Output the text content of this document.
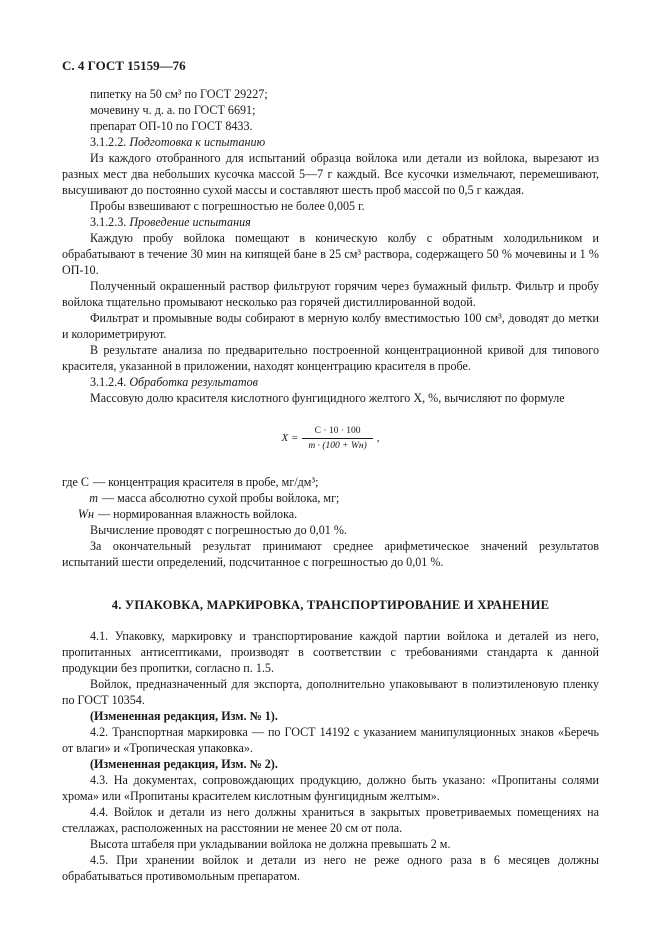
С. 4 ГОСТ 15159—76

пипетку на 50 см³ по ГОСТ 29227;

мочевину ч. д. а. по ГОСТ 6691;

препарат ОП-10 по ГОСТ 8433.

3.1.2.2. Подготовка к испытанию

Из каждого отобранного для испытаний образца войлока или детали из войлока, вырезают из разных мест два небольших кусочка массой 5—7 г каждый. Все кусочки измельчают, перемешивают, высушивают до постоянно сухой массы и составляют шесть проб массой по 0,5 г каждая.

Пробы взвешивают с погрешностью не более 0,005 г.

3.1.2.3. Проведение испытания

Каждую пробу войлока помещают в коническую колбу с обратным холодильником и обрабатывают в течение 30 мин на кипящей бане в 25 см³ раствора, содержащего 50 % мочевины и 1 % ОП-10.

Полученный окрашенный раствор фильтруют горячим через бумажный фильтр. Фильтр и пробу войлока тщательно промывают несколько раз горячей дистиллированной водой.

Фильтрат и промывные воды собирают в мерную колбу вместимостью 100 см³, доводят до метки и колориметрируют.

В результате анализа по предварительно построенной концентрационной кривой для типового красителя, указанной в приложении, находят концентрацию красителя в пробе.

3.1.2.4. Обработка результатов

Массовую долю красителя кислотного фунгицидного желтого X, %, вычисляют по формуле

$X = \frac{C \cdot 10 \cdot 100}{m \cdot (100 + Wн)}$ ,
где C — концентрация красителя в пробе, мг/дм³;
m — масса абсолютно сухой пробы войлока, мг;
Wн — нормированная влажность войлока.

Вычисление проводят с погрешностью до 0,01 %.

За окончательный результат принимают среднее арифметическое значений результатов испытаний шести определений, подсчитанное с погрешностью до 0,01 %.

4. УПАКОВКА, МАРКИРОВКА, ТРАНСПОРТИРОВАНИЕ И ХРАНЕНИЕ

4.1. Упаковку, маркировку и транспортирование каждой партии войлока и деталей из него, пропитанных антисептиками, производят в соответствии с требованиями стандарта к данной продукции без пропитки, согласно п. 1.5.

Войлок, предназначенный для экспорта, дополнительно упаковывают в полиэтиленовую пленку по ГОСТ 10354.

(Измененная редакция, Изм. № 1).

4.2. Транспортная маркировка — по ГОСТ 14192 с указанием манипуляционных знаков «Беречь от влаги» и «Тропическая упаковка».

(Измененная редакция, Изм. № 2).

4.3. На документах, сопровождающих продукцию, должно быть указано: «Пропитаны солями хрома» или «Пропитаны красителем кислотным фунгицидным желтым».

4.4. Войлок и детали из него должны храниться в закрытых проветриваемых помещениях на стеллажах, расположенных на расстоянии не менее 20 см от пола.

Высота штабеля при укладывании войлока не должна превышать 2 м.

4.5. При хранении войлок и детали из него не реже одного раза в 6 месяцев должны обрабатываться противомольным препаратом.
